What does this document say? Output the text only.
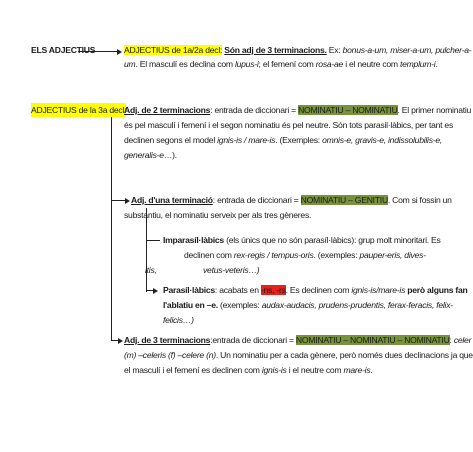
ELS ADJECTIUS	ADJECTIUS de 1a/2a decl: Són adj de 3 terminacions. Ex: bonus-a-um, miser-a-um, pulcher-a-
um. El masculí es declina com lupus-i; el femení com rosa-ae i el neutre com templum-i.
ADJECTIUS de la 3a decl:
Adj. de 2 terminacions: entrada de diccionari = NOMINATIU – NOMINATIU. El primer nominatiu
és pel masculí i femení i el segon nominatiu és pel neutre. Són tots parasil·làbics, per tant es
declinen segons el model ignis-is / mare-is. (Exemples: omnis-e, gravis-e, indissolubilis-e,
generalis-e…).
Adj. d'una terminació: entrada de diccionari = NOMINATIU – GENITIU. Com si fossin un
substantiu, el nominatiu serveix per als tres gèneres.
Imparasíl·làbics (els únics que no són parasíl·làbics): grup molt minoritari. Es
declinen com rex-regis / tempus-oris. (exemples: pauper-eris, dives-
itis,	vetus-veteris…)
Parasíl·làbics: acabats en -ns, -rs. Es declinen com ignis-is/mare-is però alguns fan
l'ablatiu en –e. (exemples: audax-audacis, prudens-prudentis, ferax-feracis, felix-
felicis…)
Adj. de 3 terminacions:entrada de diccionari = NOMINATIU – NOMINATIU – NOMINATIU: celer
(m) –celeris (f) –celere (n). Un nominatiu per a cada gènere, però només dues declinacions ja que
el masculí i el femení es declinen com ignis-is i el neutre com mare-is.
